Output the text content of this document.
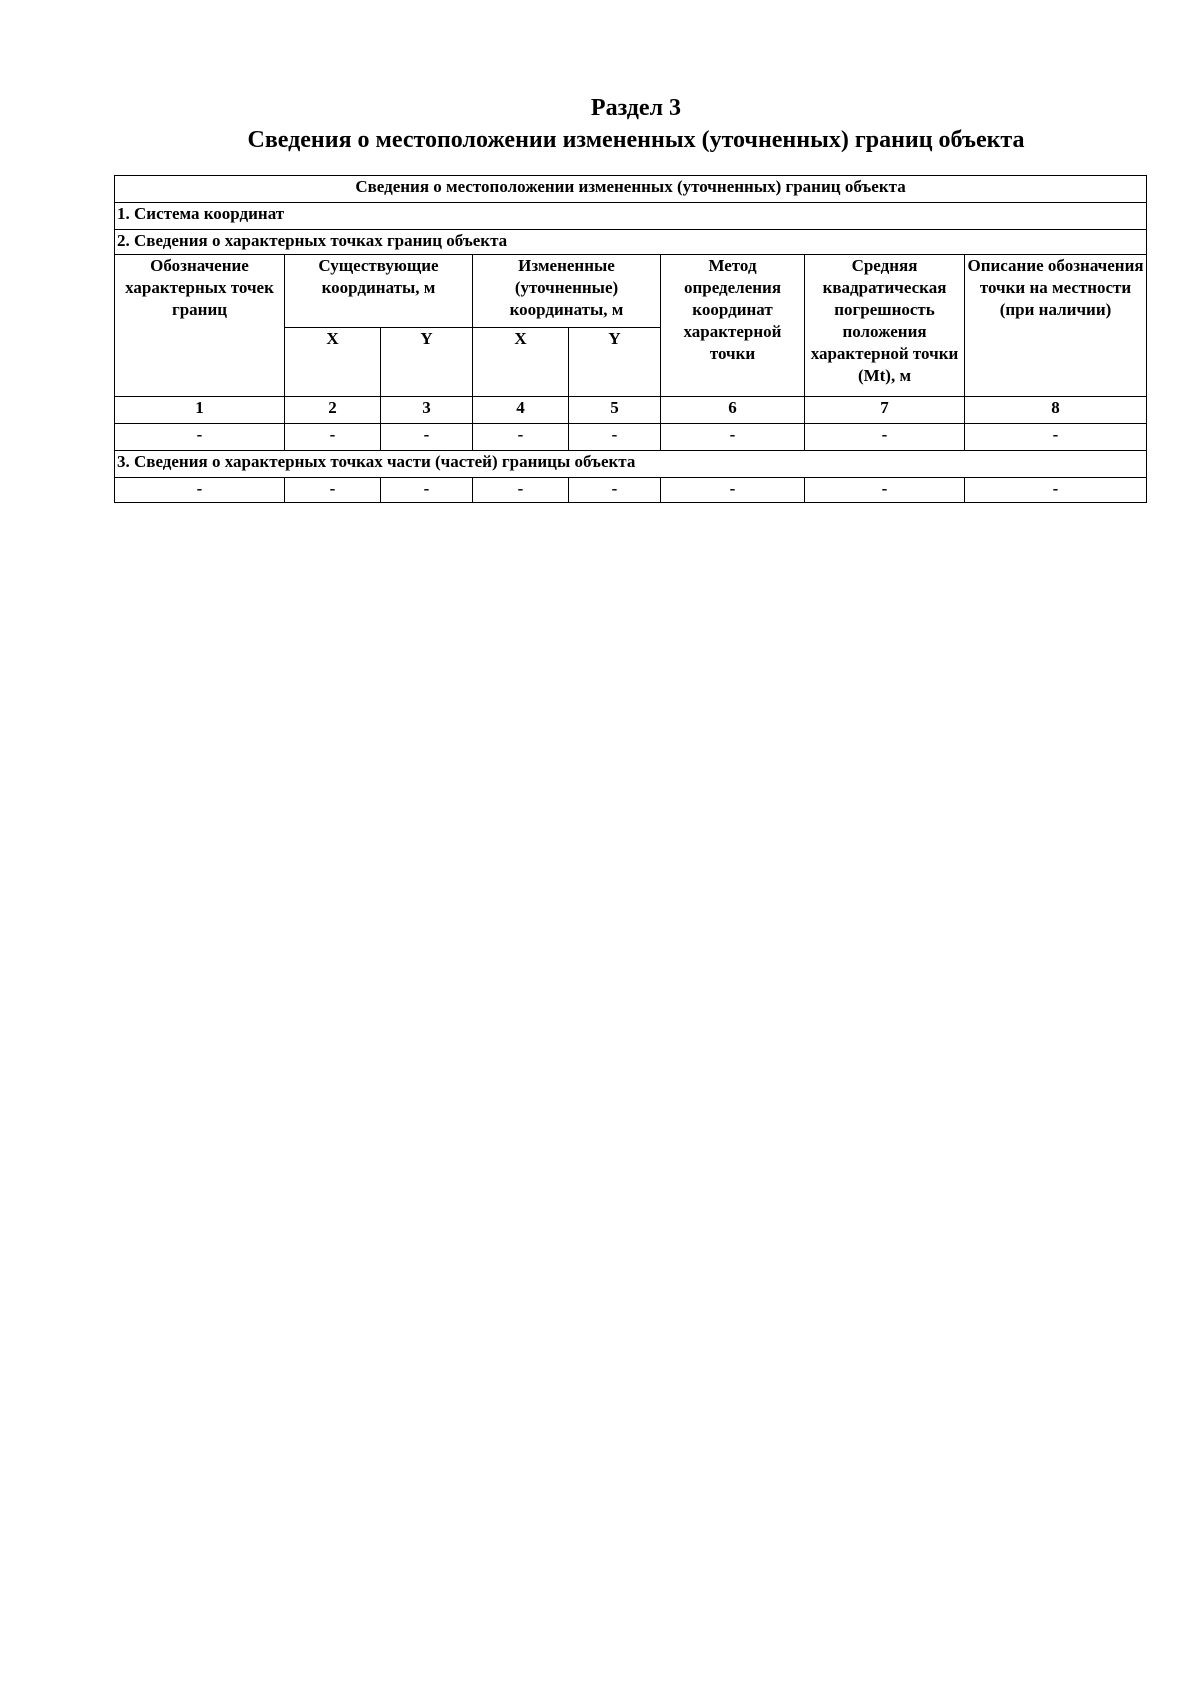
Раздел 3

Сведения о местоположении измененных (уточненных) границ объекта

Сведения о местоположении измененных (уточненных) границ объекта							
1. Система координат							
2. Сведения о характерных точках границ объекта							
Обозначение характерных точек границ	Существующие координаты, м		Измененные (уточненные) координаты, м		Метод определения координат характерной точки	Средняя квадратическая погрешность положения характерной точки (Mt), м	Описание обозначения точки на местности (при наличии)
	X	Y	X	Y			
1	2	3	4	5	6	7	8
-	-	-	-	-	-	-	-
3. Сведения о характерных точках части (частей) границы объекта							
-	-	-	-	-	-	-	-
